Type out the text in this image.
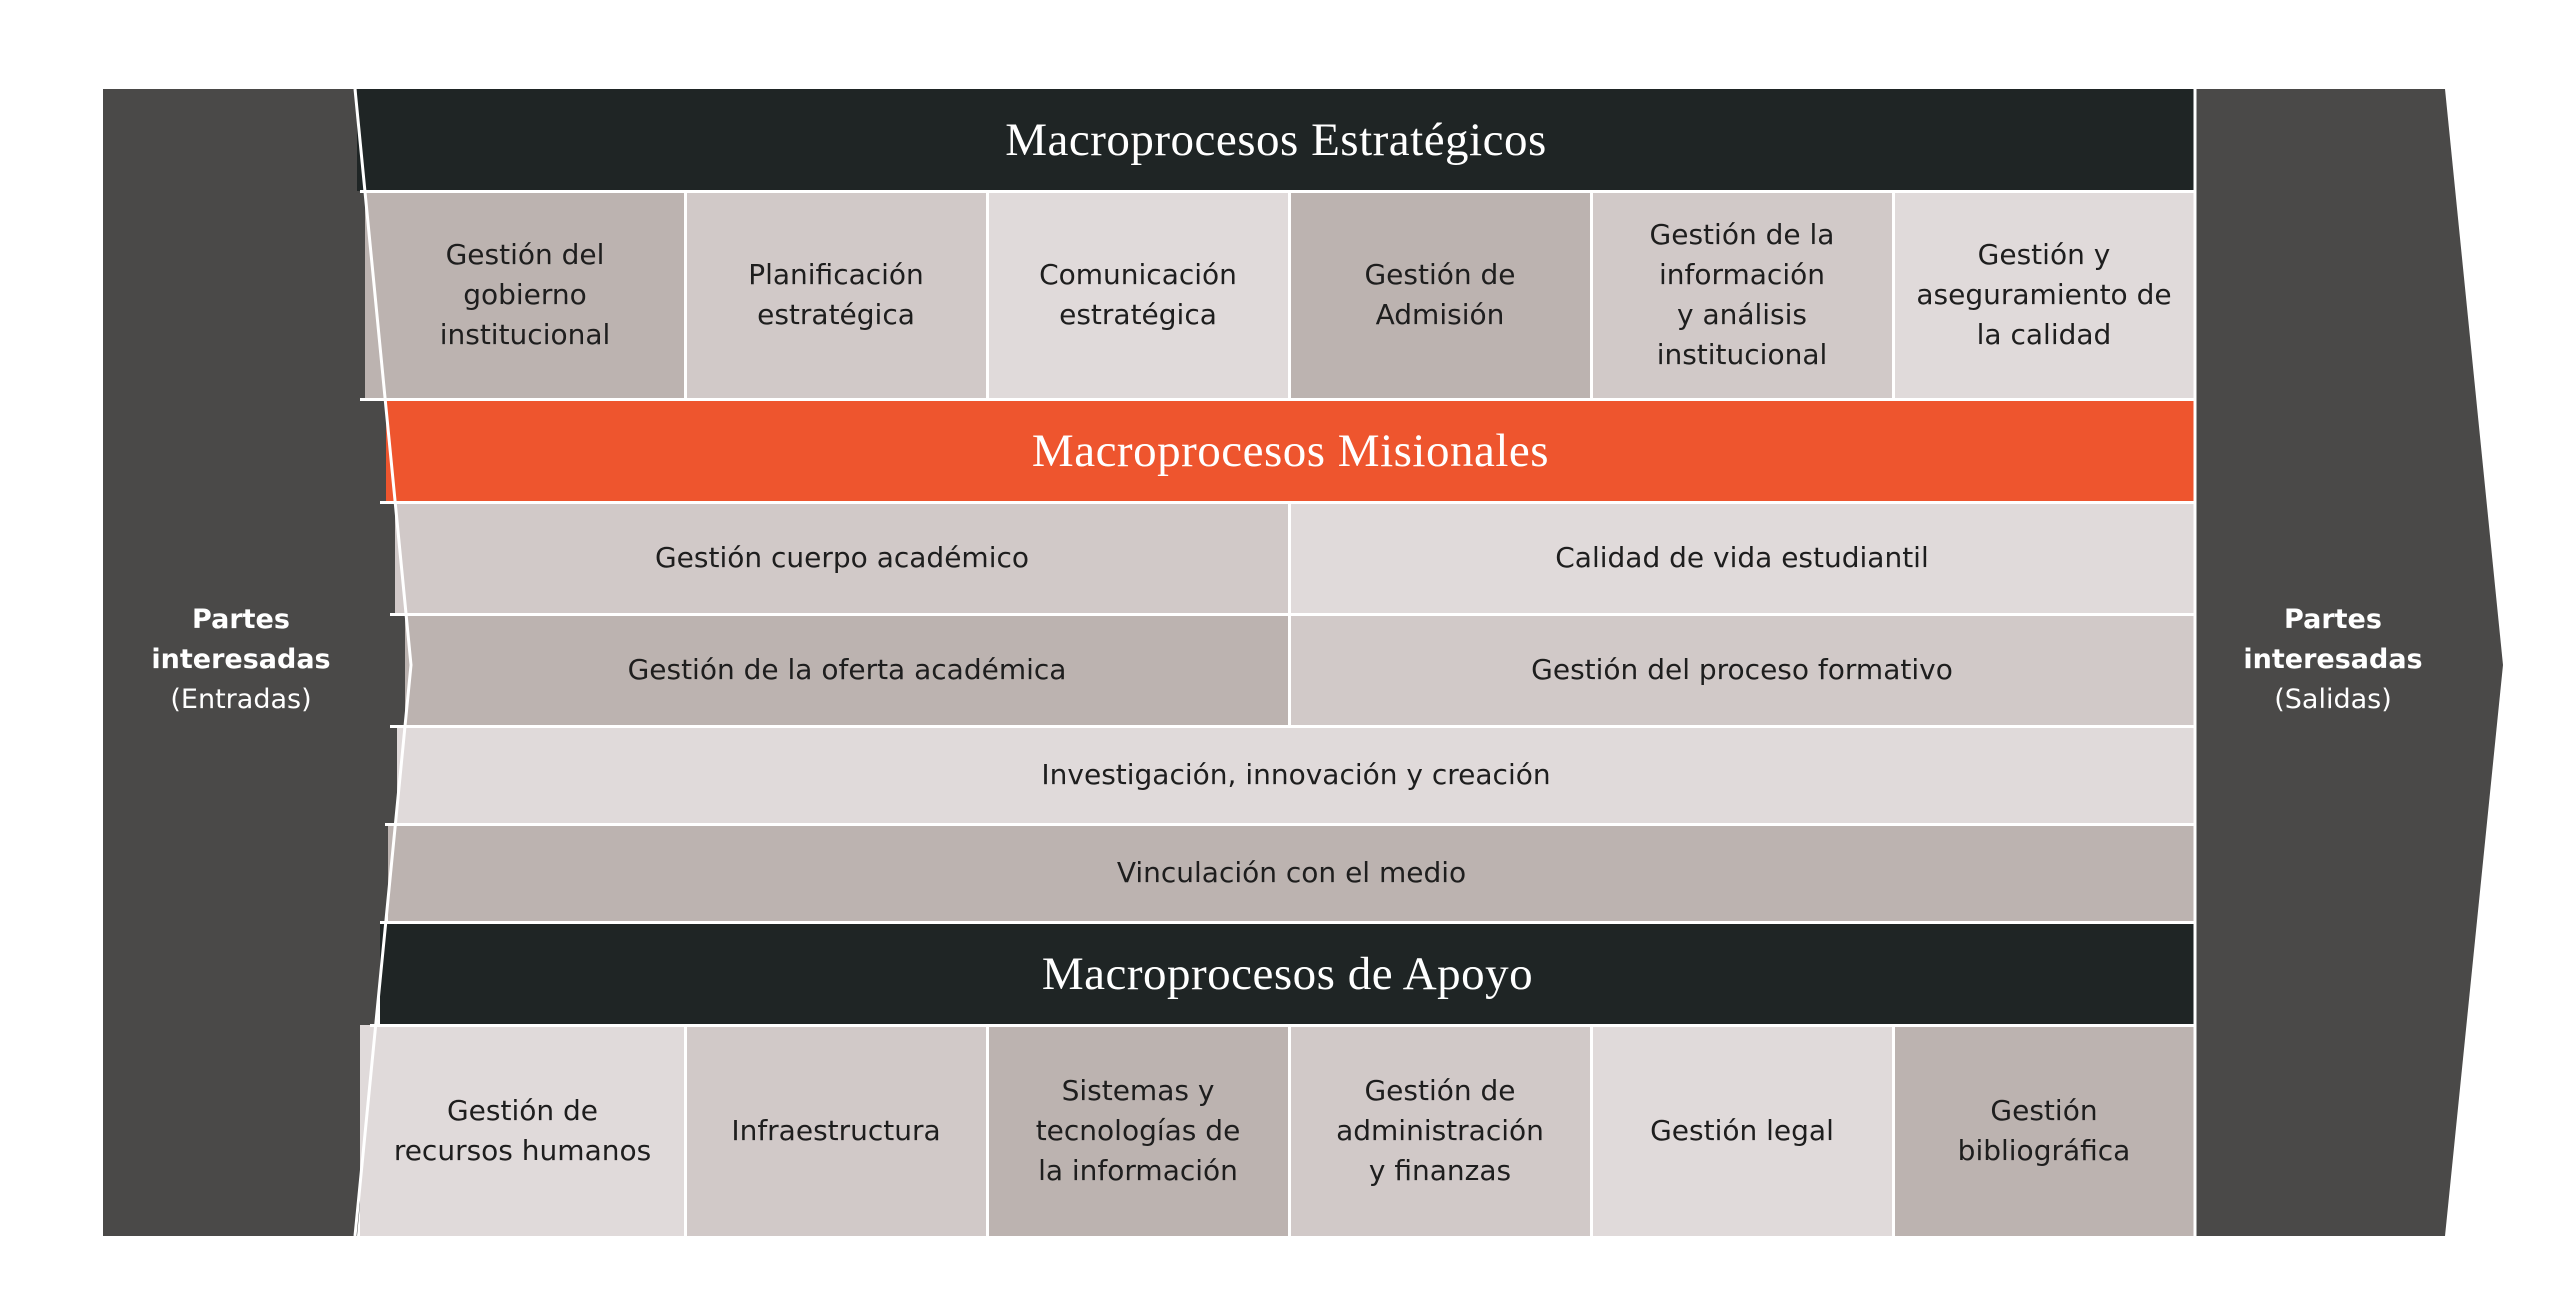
Macroprocesos Estratégicos
Gestión del
gobierno
institucional
Planificación
estratégica
Comunicación
estratégica
Gestión de
Admisión
Gestión de la
información
y análisis
institucional
Gestión y
aseguramiento de
la calidad
Macroprocesos Misionales
Gestión cuerpo académico	Calidad de vida estudiantil
Gestión de la oferta académica	Gestión del proceso formativo
Investigación, innovación y creación
Vinculación con el medio
Macroprocesos de Apoyo
Gestión de
recursos humanos
Infraestructura
Sistemas y
tecnologías de
la información
Gestión de
administración
y finanzas
Gestión legal
Gestión
bibliográfica
Partes
interesadas
(Entradas)
Partes
interesadas
(Salidas)
